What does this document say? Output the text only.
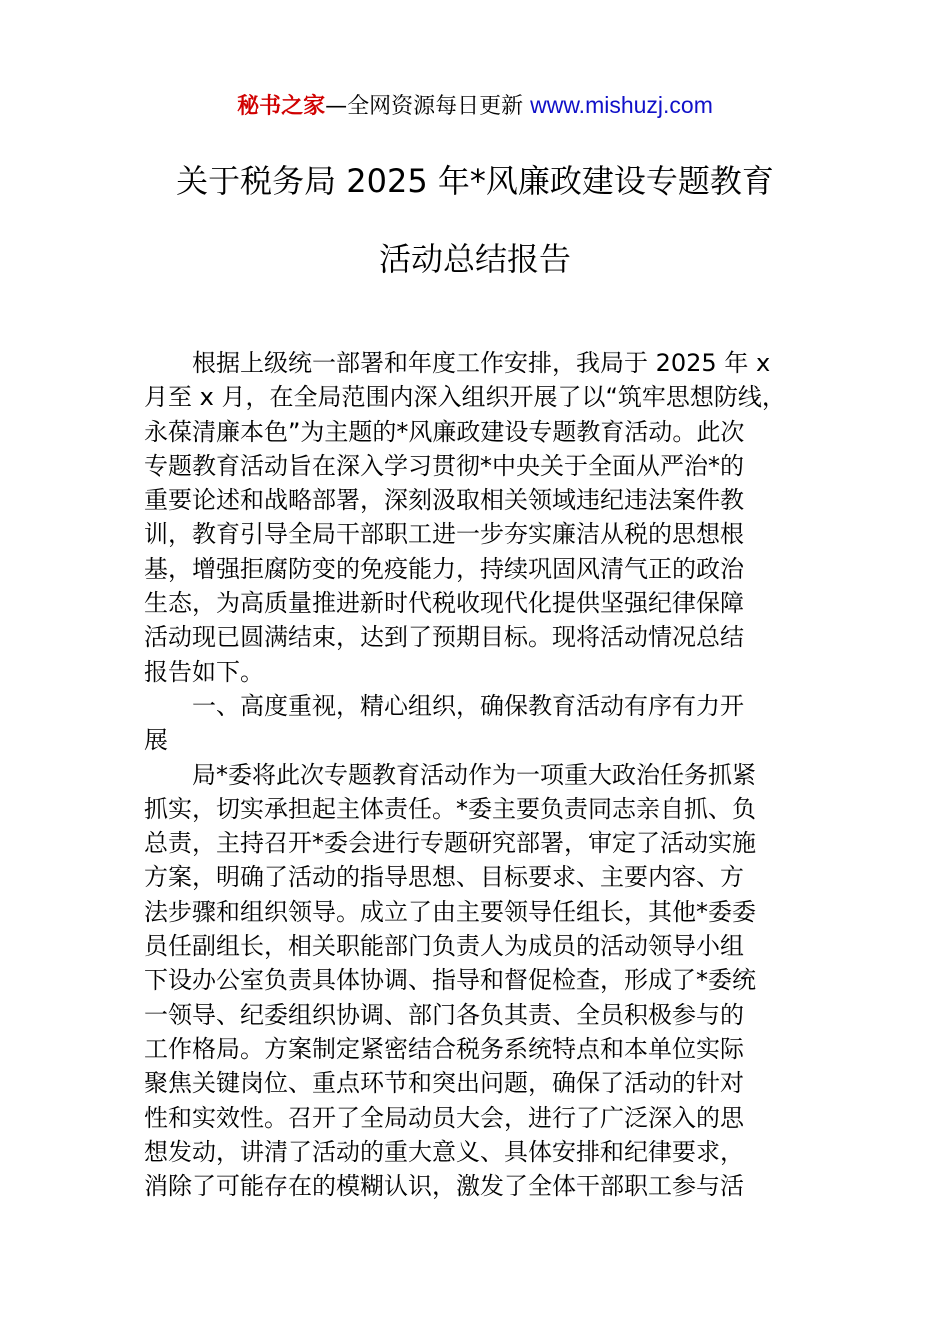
秘书之家—全网资源每日更新 www.mishuzj.com
关于税务局 2025 年*风廉政建设专题教育
活动总结报告
根据上级统一部署和年度工作安排，我局于 2025 年 x
月至 x 月，在全局范围内深入组织开展了以“筑牢思想防线，
永葆清廉本色”为主题的*风廉政建设专题教育活动。此次
专题教育活动旨在深入学习贯彻*中央关于全面从严治*的
重要论述和战略部署，深刻汲取相关领域违纪违法案件教
训，教育引导全局干部职工进一步夯实廉洁从税的思想根
基，增强拒腐防变的免疫能力，持续巩固风清气正的政治
生态，为高质量推进新时代税收现代化提供坚强纪律保障
活动现已圆满结束，达到了预期目标。现将活动情况总结
报告如下。
一、高度重视，精心组织，确保教育活动有序有力开
展
局*委将此次专题教育活动作为一项重大政治任务抓紧
抓实，切实承担起主体责任。*委主要负责同志亲自抓、负
总责，主持召开*委会进行专题研究部署，审定了活动实施
方案，明确了活动的指导思想、目标要求、主要内容、方
法步骤和组织领导。成立了由主要领导任组长，其他*委委
员任副组长，相关职能部门负责人为成员的活动领导小组
下设办公室负责具体协调、指导和督促检查，形成了*委统
一领导、纪委组织协调、部门各负其责、全员积极参与的
工作格局。方案制定紧密结合税务系统特点和本单位实际
聚焦关键岗位、重点环节和突出问题，确保了活动的针对
性和实效性。召开了全局动员大会，进行了广泛深入的思
想发动，讲清了活动的重大意义、具体安排和纪律要求，
消除了可能存在的模糊认识，激发了全体干部职工参与活
